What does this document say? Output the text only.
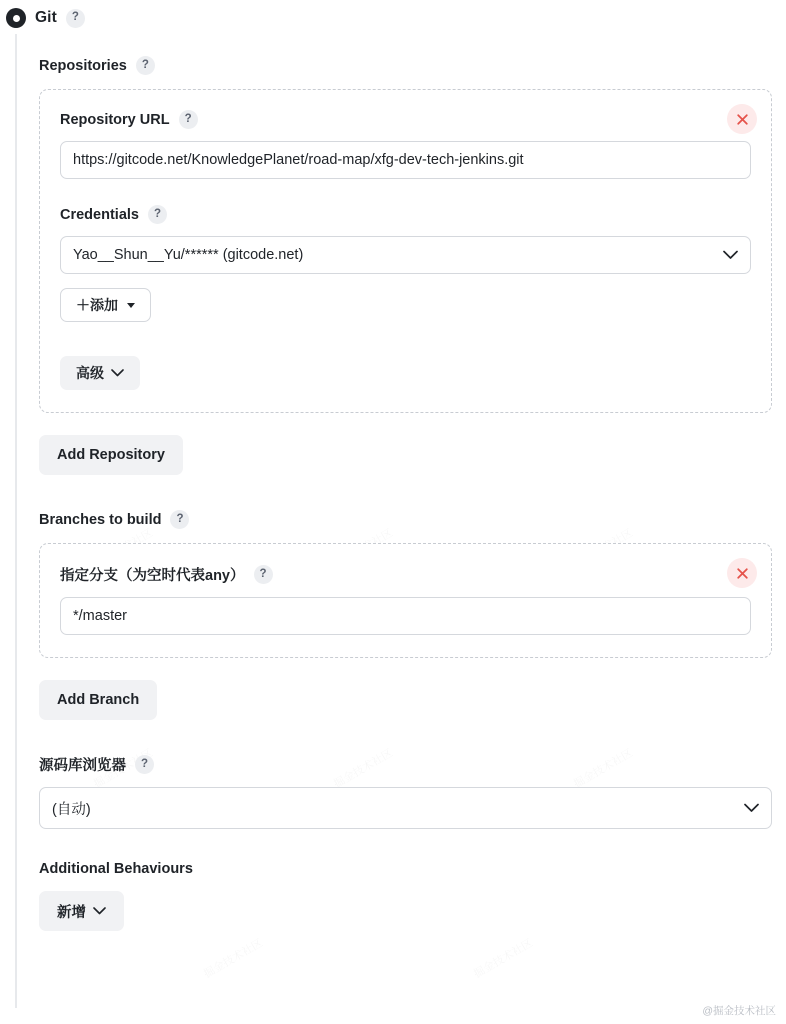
Git	?
Repositories	?
Repository URL	?
https://gitcode.net/KnowledgePlanet/road-map/xfg-dev-tech-jenkins.git
Credentials	?
Yao__Shun__Yu/****** (gitcode.net)
＋添加
高级
Add Repository
Branches to build	?
指定分支（为空时代表any）	?
*/master
Add Branch
源码库浏览器	?
(自动)
Additional Behaviours
新增
@掘金技术社区
